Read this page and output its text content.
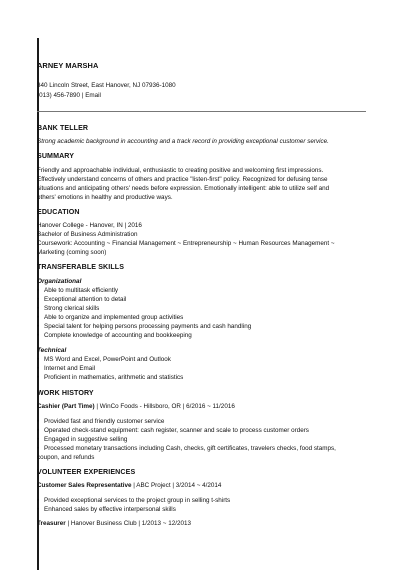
ARNEY MARSHA
340 Lincoln Street, East Hanover, NJ 07936-1080
(013) 456-7890 | Email
BANK TELLER
Strong academic background in accounting and a track record in providing exceptional customer service.
SUMMARY
Friendly and approachable individual, enthusiastic to creating positive and welcoming first impressions.
Effectively understand concerns of others and practice "listen-first" policy. Recognized for defusing tense
situations and anticipating others' needs before expression. Emotionally intelligent: able to utilize self and
others' emotions in healthy and productive ways.
EDUCATION
Hanover College - Hanover, IN | 2016
Bachelor of Business Administration
Coursework: Accounting ~ Financial Management ~ Entrepreneurship ~ Human Resources Management ~
Marketing (coming soon)
TRANSFERABLE SKILLS
Organizational
• Able to multitask efficiently
• Exceptional attention to detail
• Strong clerical skills
• Able to organize and implemented group activities
• Special talent for helping persons processing payments and cash handling
• Complete knowledge of accounting and bookkeeping
Technical
• MS Word and Excel, PowerPoint and Outlook
• Internet and Email
• Proficient in mathematics, arithmetic and statistics
WORK HISTORY
Cashier (Part Time) | WinCo Foods - Hillsboro, OR | 6/2016 ~ 11/2016
• Provided fast and friendly customer service
• Operated check-stand equipment: cash register, scanner and scale to process customer orders
• Engaged in suggestive selling
• Processed monetary transactions including Cash, checks, gift certificates, travelers checks, food stamps,
coupon, and refunds
VOLUNTEER EXPERIENCES
Customer Sales Representative | ABC Project | 3/2014 ~ 4/2014
• Provided exceptional services to the project group in selling t-shirts
• Enhanced sales by effective interpersonal skills
Treasurer | Hanover Business Club | 1/2013 ~ 12/2013
